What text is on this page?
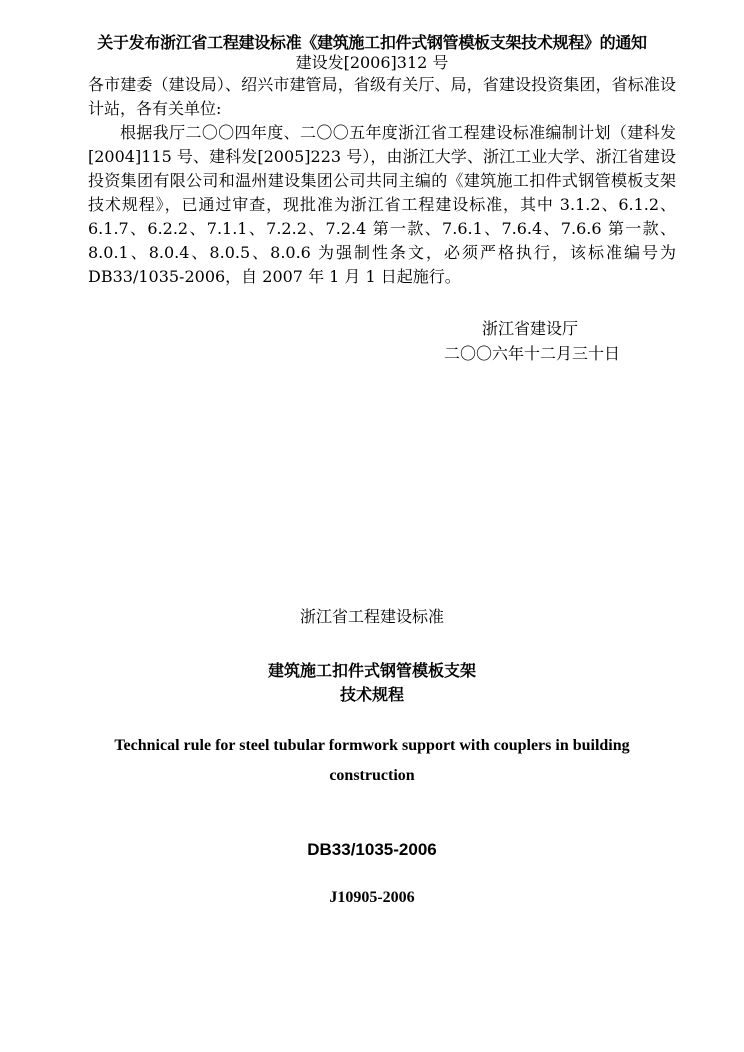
关于发布浙江省工程建设标准《建筑施工扣件式钢管模板支架技术规程》的通知
建设发[2006]312 号
各市建委（建设局）、绍兴市建管局，省级有关厅、局，省建设投资集团，省标准设计站，各有关单位:
根据我厅二〇〇四年度、二〇〇五年度浙江省工程建设标准编制计划（建科发[2004]115 号、建科发[2005]223 号），由浙江大学、浙江工业大学、浙江省建设投资集团有限公司和温州建设集团公司共同主编的《建筑施工扣件式钢管模板支架技术规程》，已通过审查，现批准为浙江省工程建设标准，其中 3.1.2、6.1.2、6.1.7、6.2.2、7.1.1、7.2.2、7.2.4 第一款、7.6.1、7.6.4、7.6.6 第一款、8.0.1、8.0.4、8.0.5、8.0.6 为强制性条文，必须严格执行，该标准编号为 DB33/1035-2006，自 2007 年 1 月 1 日起施行。
浙江省建设厅
二〇〇六年十二月三十日
浙江省工程建设标准
建筑施工扣件式钢管模板支架
技术规程
Technical rule for steel tubular formwork support with couplers in building construction
DB33/1035-2006
J10905-2006
